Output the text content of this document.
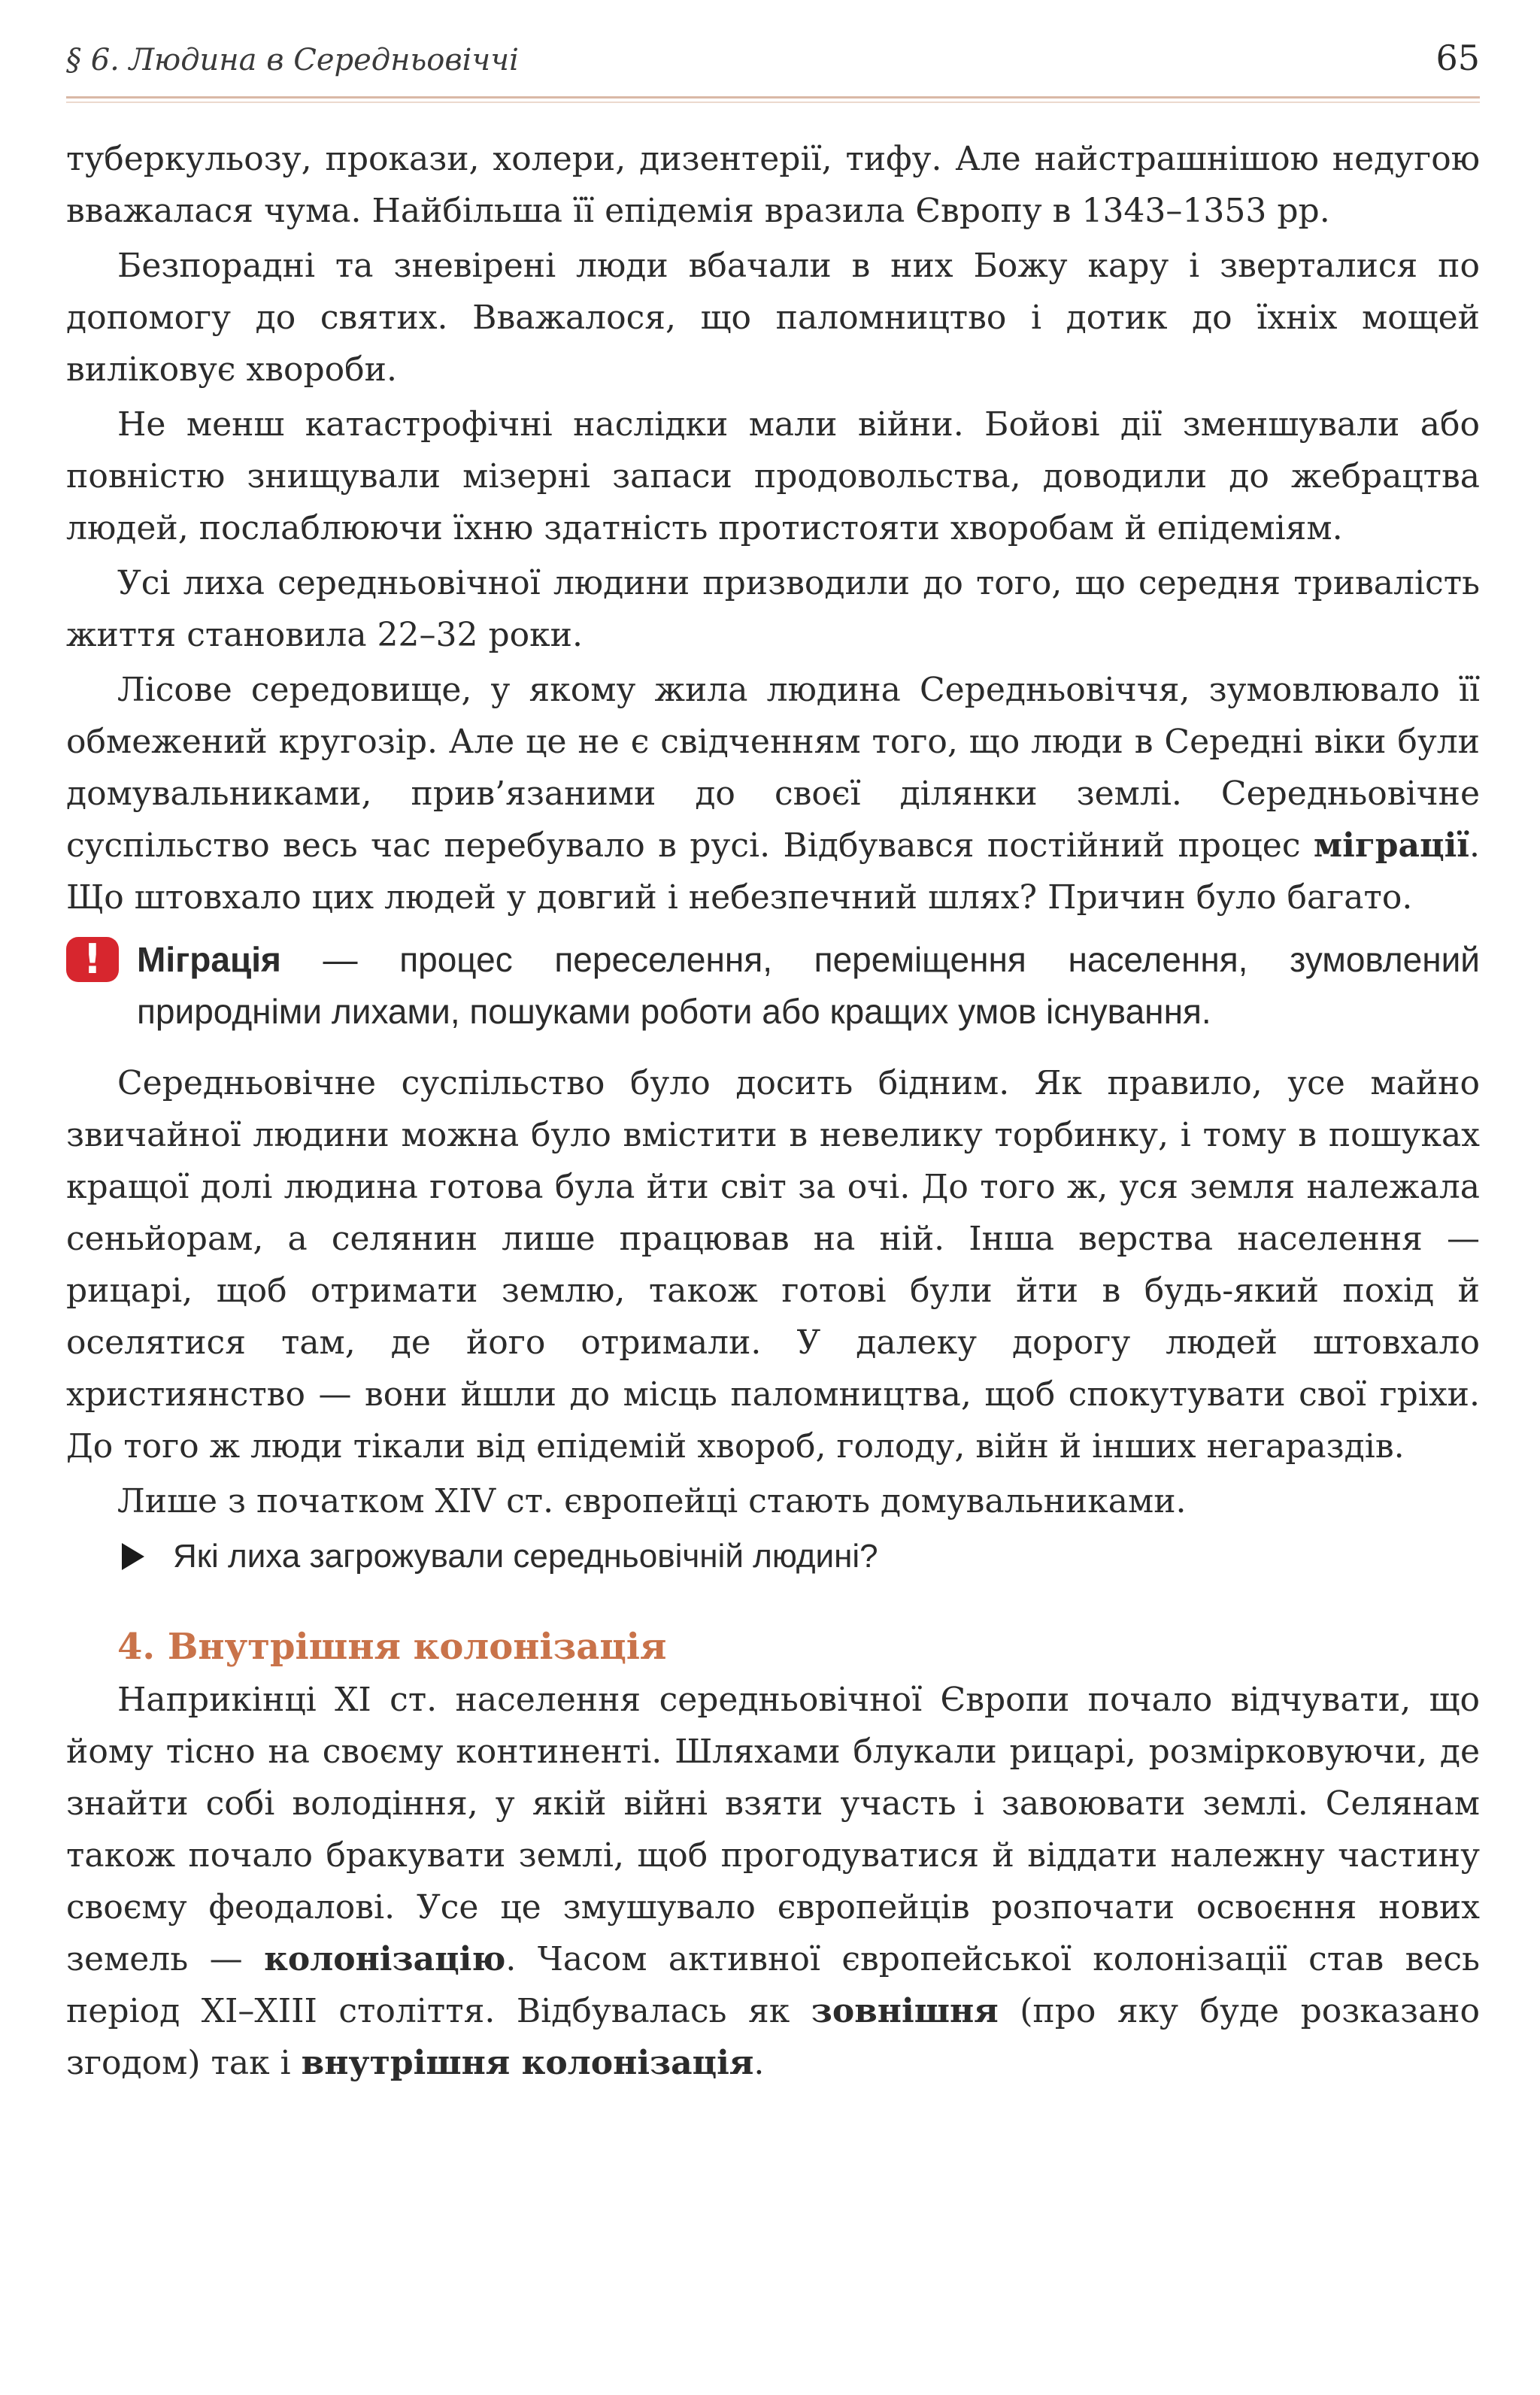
§ 6. Людина в Середньовіччі	65

туберкульозу, прокази, холери, дизентерії, тифу. Але найстрашнішою недугою вважалася чума. Найбільша її епідемія вразила Європу в 1343–1353 рр.

Безпорадні та зневірені люди вбачали в них Божу кару і зверталися по допомогу до святих. Вважалося, що паломництво і дотик до їхніх мощей виліковує хвороби.

Не менш катастрофічні наслідки мали війни. Бойові дії зменшували або повністю знищували мізерні запаси продовольства, доводили до жебрацтва людей, послаблюючи їхню здатність протистояти хворобам й епідеміям.

Усі лиха середньовічної людини призводили до того, що середня тривалість життя становила 22–32 роки.

Лісове середовище, у якому жила людина Середньовіччя, зумовлювало її обмежений кругозір. Але це не є свідченням того, що люди в Середні віки були домувальниками, прив’язаними до своєї ділянки землі. Середньовічне суспільство весь час перебувало в русі. Відбувався постійний процес міграції. Що штовхало цих людей у довгий і небезпечний шлях? Причин було багато.

!	Міграція — процес переселення, переміщення населення, зумовлений природніми лихами, пошуками роботи або кращих умов існування.

Середньовічне суспільство було досить бідним. Як правило, усе майно звичайної людини можна було вмістити в невелику торбинку, і тому в пошуках кращої долі людина готова була йти світ за очі. До того ж, уся земля належала сеньйорам, а селянин лише працював на ній. Інша верства населення — рицарі, щоб отримати землю, також готові були йти в будь-який похід й оселятися там, де його отримали. У далеку дорогу людей штовхало християнство — вони йшли до місць паломництва, щоб спокутувати свої гріхи. До того ж люди тікали від епідемій хвороб, голоду, війн й інших негараздів.

Лише з початком XIV ст. європейці стають домувальниками.

Які лиха загрожували середньовічній людині?
4. Внутрішня колонізація

Наприкінці XI ст. населення середньовічної Європи почало відчувати, що йому тісно на своєму континенті. Шляхами блукали рицарі, розмірковуючи, де знайти собі володіння, у якій війні взяти участь і завоювати землі. Селянам також почало бракувати землі, щоб прогодуватися й віддати належну частину своєму феодалові. Усе це змушувало європейців розпочати освоєння нових земель — колонізацію. Часом активної європейської колонізації став весь період XI–XIII століття. Відбувалась як зовнішня (про яку буде розказано згодом) так і внутрішня колонізація.
